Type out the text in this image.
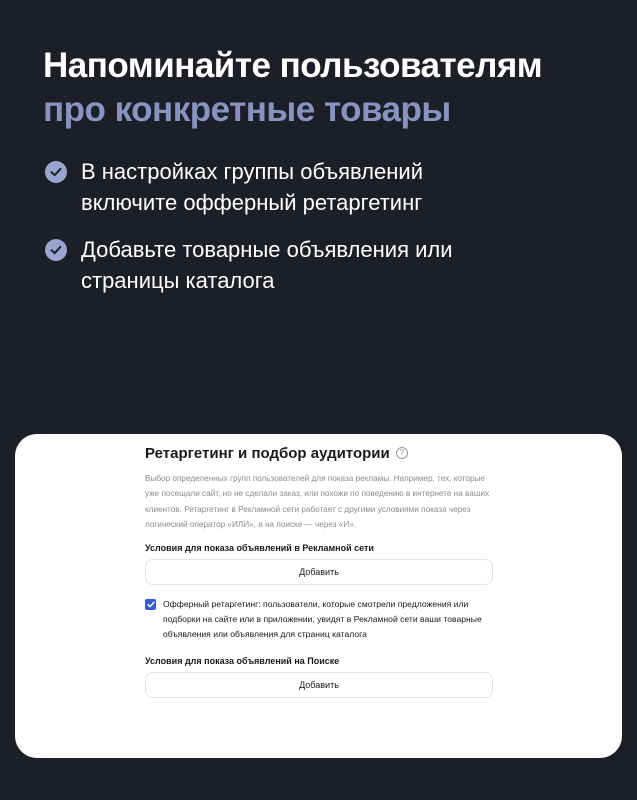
Напоминайте пользователям
про конкретные товары
В настройках группы объявлений включите офферный ретаргетинг
Добавьте товарные объявления или страницы каталога
Ретаргетинг и подбор аудитории	?
Выбор определенных групп пользователей для показа рекламы. Например, тех, которые уже посещали сайт, но не сделали заказ, или похожи по поведению в интернете на ваших клиентов. Ретаргетинг в Рекламной сети работает с другими условиями показа через логический оператор «ИЛИ», а на поиске — через «И».
Условия для показа объявлений в Рекламной сети
Добавить
Офферный ретаргетинг: пользователи, которые смотрели предложения или подборки на сайте или в приложении, увидят в Рекламной сети ваши товарные объявления или объявления для страниц каталога
Условия для показа объявлений на Поиске
Добавить
